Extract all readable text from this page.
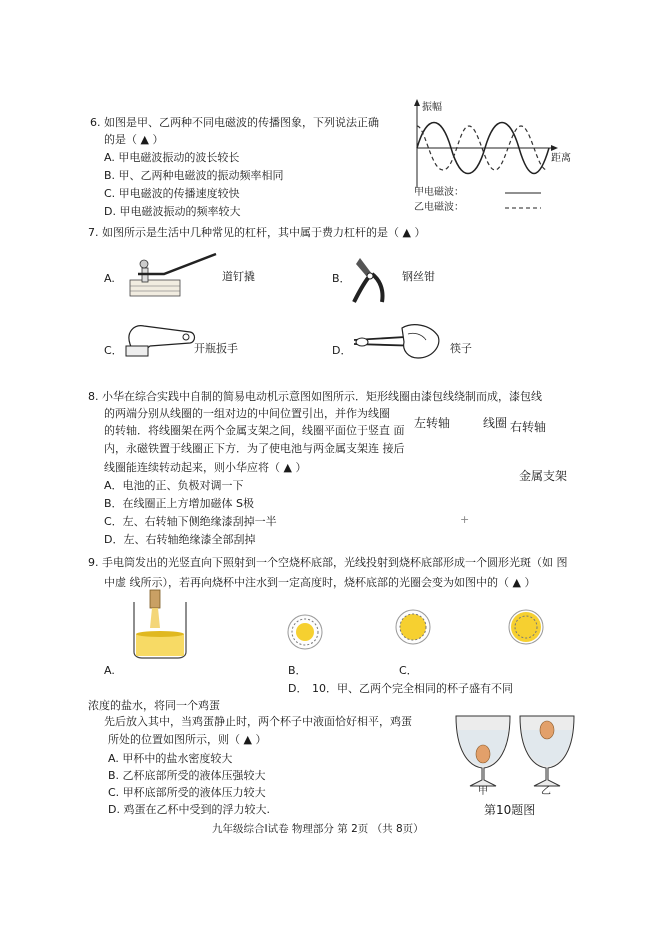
6. 如图是甲、乙两种不同电磁波的传播图象，下列说法正确
的是（ ▲ ）
A. 甲电磁波振动的波长较长
B. 甲、乙两种电磁波的振动频率相同
C. 甲电磁波的传播速度较快
D. 甲电磁波振动的频率较大
振幅
距离
甲电磁波：
乙电磁波：
7. 如图所示是生活中几种常见的杠杆，其中属于费力杠杆的是（ ▲ ）
A.	道钉撬	B．	钢丝钳
C．	开瓶扳手	D．	筷子
8. 小华在综合实践中自制的简易电动机示意图如图所示．矩形线圈由漆包线绕制而成，漆包线
的两端分别从线圈的一组对边的中间位置引出，并作为线圈
的转轴．将线圈架在两个金属支架之间，线圈平面位于竖直 面
内，永磁铁置于线圈正下方．为了使电池与两金属支架连 接后
线圈能连续转动起来，则小华应将（ ▲ ）
A．电池的正、负极对调一下
B．在线圈正上方增加磁体 S极
C．左、右转轴下侧绝缘漆刮掉一半
D．左、右转轴绝缘漆全部刮掉
左转轴	线圈 右转轴
金属支架
+
9. 手电筒发出的光竖直向下照射到一个空烧杯底部，光线投射到烧杯底部形成一个圆形光斑（如 图
中虚 线所示），若再向烧杯中注水到一定高度时，烧杯底部的光圈会变为如图中的（ ▲ ）
A.	B．	C．
D． 10．甲、乙两个完全相同的杯子盛有不同
浓度的盐水，将同一个鸡蛋
先后放入其中，当鸡蛋静止时，两个杯子中液面恰好相平，鸡蛋
所处的位置如图所示，则（ ▲ ）
A. 甲杯中的盐水密度较大
B. 乙杯底部所受的液体压强较大
C. 甲杯底部所受的液体压力较大
D. 鸡蛋在乙杯中受到的浮力较大.
甲	乙
第10题图
九年级综合Ⅰ试卷 物理部分 第 2页 （共 8页）
